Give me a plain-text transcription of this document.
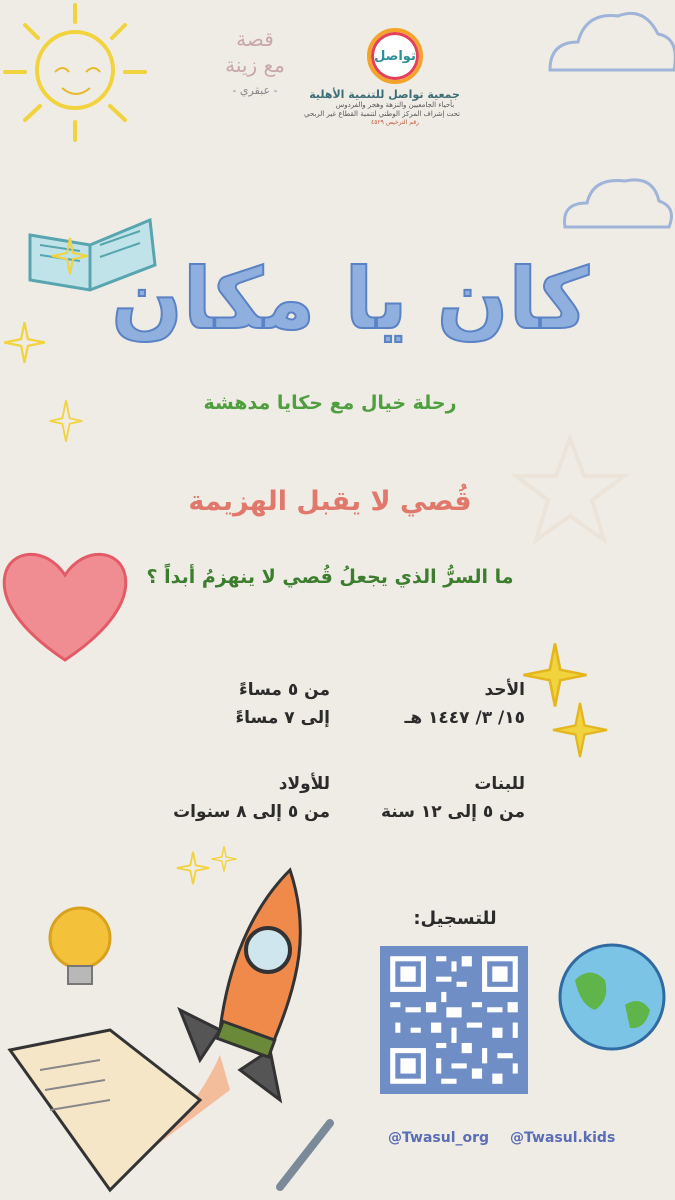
تواصل
جمعية تواصل للتنمية الأهلية
بأحياء الجامعيين والنزهة وهجر والفردوس
تحت إشراف المركز الوطني لتنمية القطاع غير الربحي
رقم الترخيص ٤٥٢٩
قصة
مع زينة
- عبقري -
كان يا مكان
رحلة خيال مع حكايا مدهشة
قُصي لا يقبل الهزيمة
ما السرُّ الذي يجعلُ قُصي لا ينهزمُ أبداً ؟
الأحد
١٥/ ٣/ ١٤٤٧ هـ
من ٥ مساءً
إلى ٧ مساءً
للبنات
من ٥ إلى ١٢ سنة
للأولاد
من ٥ إلى ٨ سنوات
للتسجيل:
@Twasul_org @Twasul.kids
